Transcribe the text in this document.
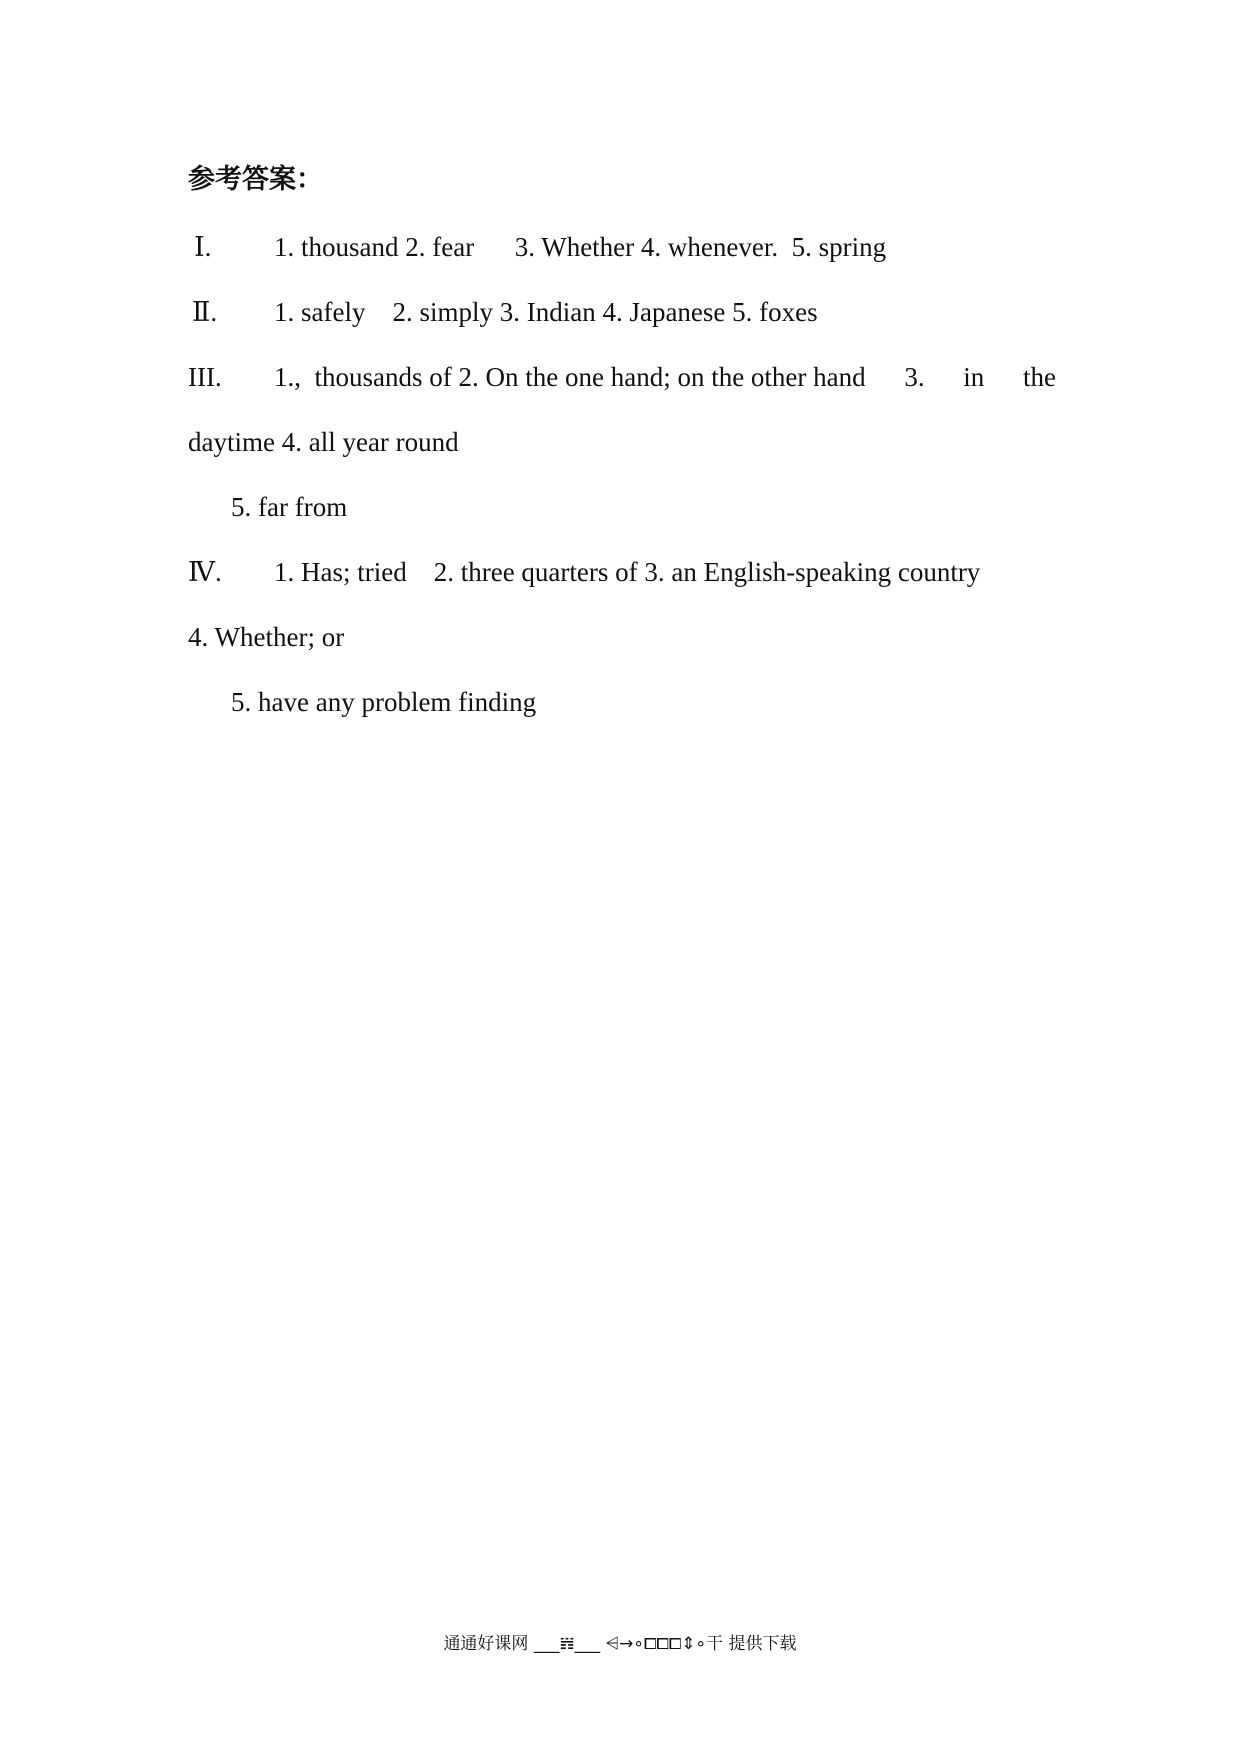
参考答案：
Ⅰ. 1. thousand 2. fear      3. Whether 4. whenever.  5. spring
Ⅱ. 1. safely    2. simply 3. Indian 4. Japanese 5. foxes
III. 1.,  thousands of 2. On the one hand; on the other hand 3. in the
daytime 4. all year round
5. far from
Ⅳ. 1. Has; tried    2. three quarters of 3. an English-speaking country
4. Whether; or
5. have any problem finding
通通好课网 ___𝍀___ ⩤→∘⧠⧠⧠⇕∘干 提供下载
